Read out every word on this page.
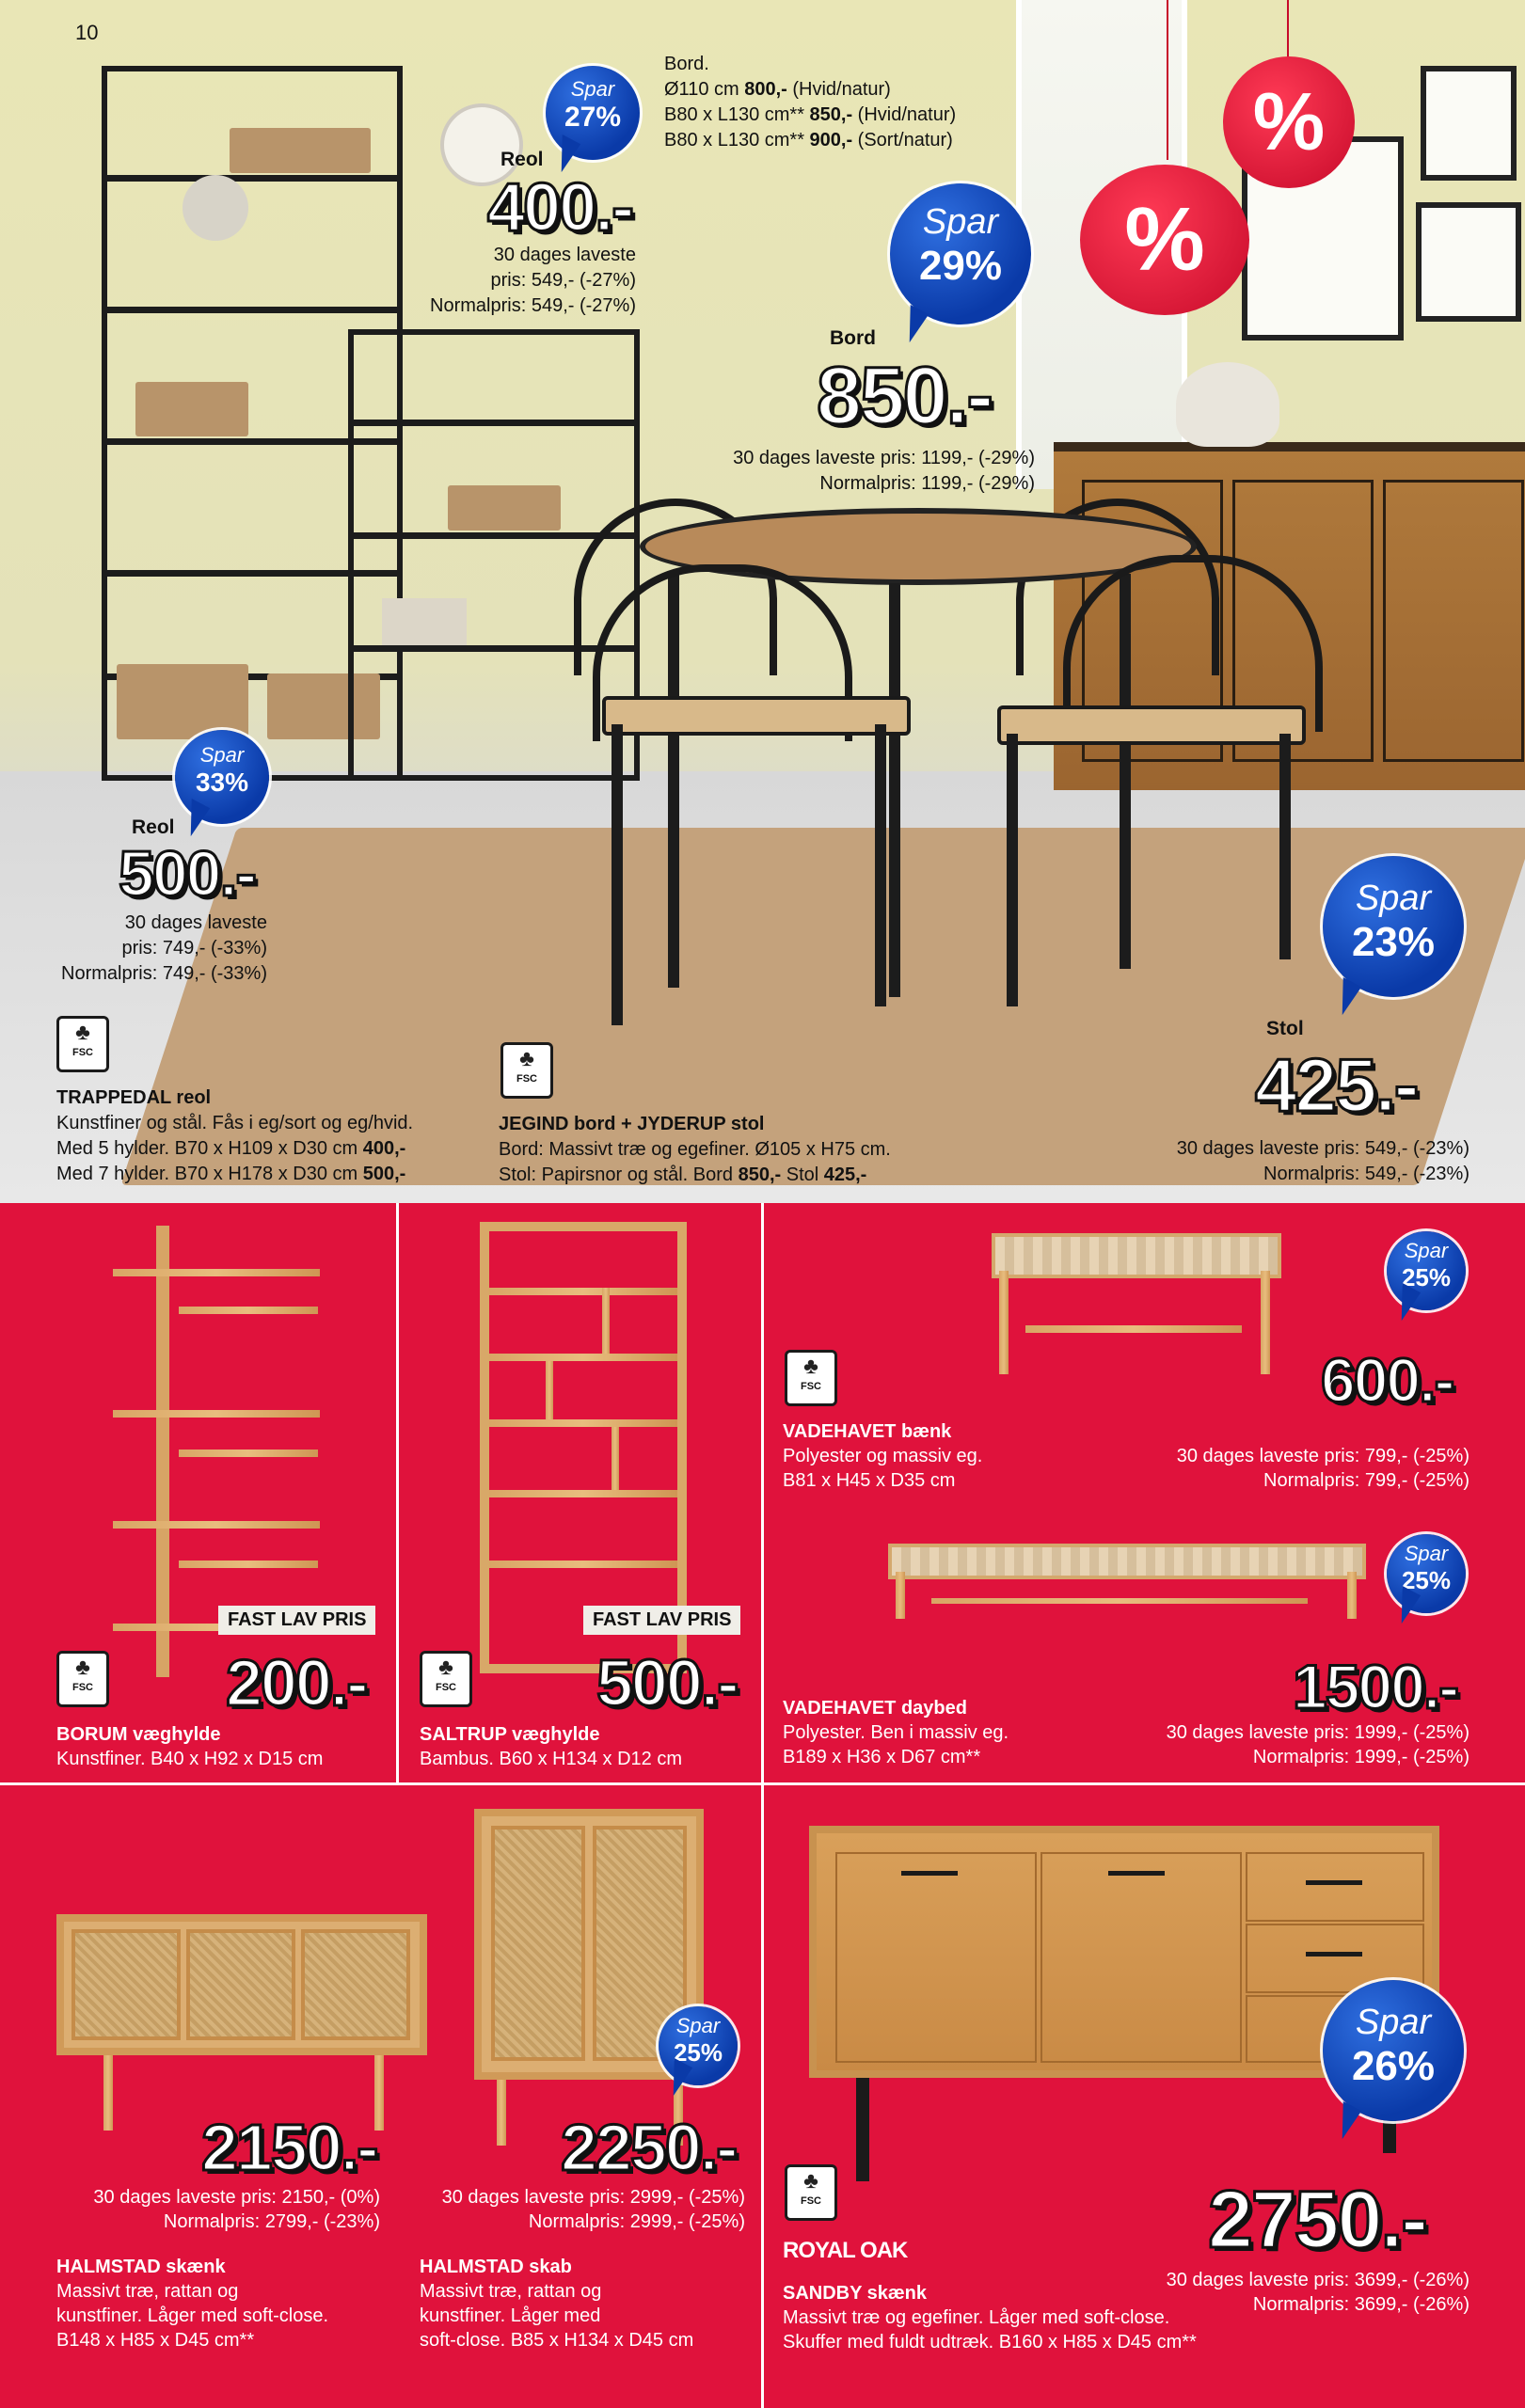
%
%
10
Spar
27%
Reol
400.-
30 dages laveste
pris: 549,- (-27%)
Normalpris: 549,- (-27%)
Bord.
Ø110 cm 800,- (Hvid/natur)
B80 x L130 cm** 850,- (Hvid/natur)
B80 x L130 cm** 900,- (Sort/natur)
Spar
29%
Bord
850.-
30 dages laveste pris: 1199,- (-29%)
Normalpris: 1199,- (-29%)
Spar
33%
Reol
500.-
30 dages laveste
pris: 749,- (-33%)
Normalpris: 749,- (-33%)
Spar
23%
Stol
425.-
30 dages laveste pris: 549,- (-23%)
Normalpris: 549,- (-23%)
♣
FSC
TRAPPEDAL reol
Kunstfiner og stål. Fås i eg/sort og eg/hvid.
Med 5 hylder. B70 x H109 x D30 cm 400,-
Med 7 hylder. B70 x H178 x D30 cm 500,-
♣
FSC
JEGIND bord + JYDERUP stol
Bord: Massivt træ og egefiner. Ø105 x H75 cm.
Stol: Papirsnor og stål. Bord 850,- Stol 425,-
FAST LAV PRIS
♣
FSC 200.-
BORUM væghylde
Kunstfiner. B40 x H92 x D15 cm
FAST LAV PRIS
♣
FSC 500.-
SALTRUP væghylde
Bambus. B60 x H134 x D12 cm
Spar
25%
♣
FSC	600.-
VADEHAVET bænk
Polyester og massiv eg.
B81 x H45 x D35 cm
30 dages laveste pris: 799,- (-25%)
Normalpris: 799,- (-25%)
Spar
25%
1500.-
VADEHAVET daybed
Polyester. Ben i massiv eg.
B189 x H36 x D67 cm**
30 dages laveste pris: 1999,- (-25%)
Normalpris: 1999,- (-25%)
2150.-
30 dages laveste pris: 2150,- (0%)
Normalpris: 2799,- (-23%)
HALMSTAD skænk
Massivt træ, rattan og
kunstfiner. Låger med soft-close.
B148 x H85 x D45 cm**
Spar
25%
2250.-
30 dages laveste pris: 2999,- (-25%)
Normalpris: 2999,- (-25%)
HALMSTAD skab
Massivt træ, rattan og
kunstfiner. Låger med
soft-close. B85 x H134 x D45 cm
Spar
26%
♣
FSC
ROYAL OAK	2750.-
30 dages laveste pris: 3699,- (-26%)
Normalpris: 3699,- (-26%)
SANDBY skænk
Massivt træ og egefiner. Låger med soft-close.
Skuffer med fuldt udtræk. B160 x H85 x D45 cm**
